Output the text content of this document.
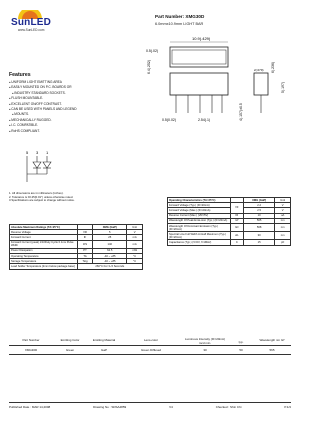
SunLED
www.SunLED.com
Part Number: XMG30D
6.0mmx10.9mm LIGHT BAR
Features
● UNIFORM LIGHT EMITTING AREA
● EASILY MOUNTED ON P.C. BOARDS OR
● INDUSTRY STANDARD SOCKETS.
● FLUSH MOUNTABLE.
● EXCELLENT ON/OFF CONTRAST.
● CAN BE USED WITH PANELS AND LEGEND
● MOUNTS.
● MECHANICALLY RUGGED.
● I.C. COMPATIBLE.
● RoHS COMPLIANT.
10.9(.429)
0.5(.02)
6.4(.252)
0.5(0.02)	2.54(.1)	4(.157)±0.5
6(.236)
5(.197)
2(.079)
5 3 1
1. All dimensions are in millimeters (inches).
2. Tolerance is ±0.25(0.01") unless otherwise noted.
3.Specifications are subject to change without notice.
Absolute Maximum Ratings (TA=25°C)		XMG (GaP)	Unit
Reverse Voltage	VR	5	V
Forward Current	IF	25	mA
Forward Current (peak) 1/10Duty Cycle 0.1ms Pulse Width	iFS	140	mA
Power Dissipation	PT	62.5	mW
Operating Temperature	TA	-40 ~ +85	°C
Storage Temperature	Tstg	-40 ~ +85	°C
Lead Solder Temperature [2mm below package base]	260°C For 3~5 Seconds		
Operating Characteristics (TA=25°C)		XMG (GaP)	Unit
Forward Voltage (Typ.) (IF=20mA)	VF	2.2	V
Forward Voltage (Max.) (IF=20mA)		2.5	V
Reverse Current (Max.) (VR=5V)	IR	10	uA
Wavelength Of Peak Emis-sion (Typ.) (IF=20mA)	λP	565	nm
Wavelength Of Dominant Emission (Typ.) (IF=20mA)	λD	568	nm
Spectral Line Full Width At Half Maximum (Typ.) (IF=20mA)	Δλ	30	nm
Capacitance (Typ.) (V=0V, f=1MHz)	C	15	pF
Part Number	Emitting Color	Emitting Material	Lens-color	Luminous Intensity (IF=20mA) mcd min.	typ.	Wavelength nm λP

XMG30D	Green	GaP	Green Diffused	30	50	565
Published Date : MAR 14,2008	Drawing No : SDSA4859	V4	Checked : Shin Chi	P.1/4
